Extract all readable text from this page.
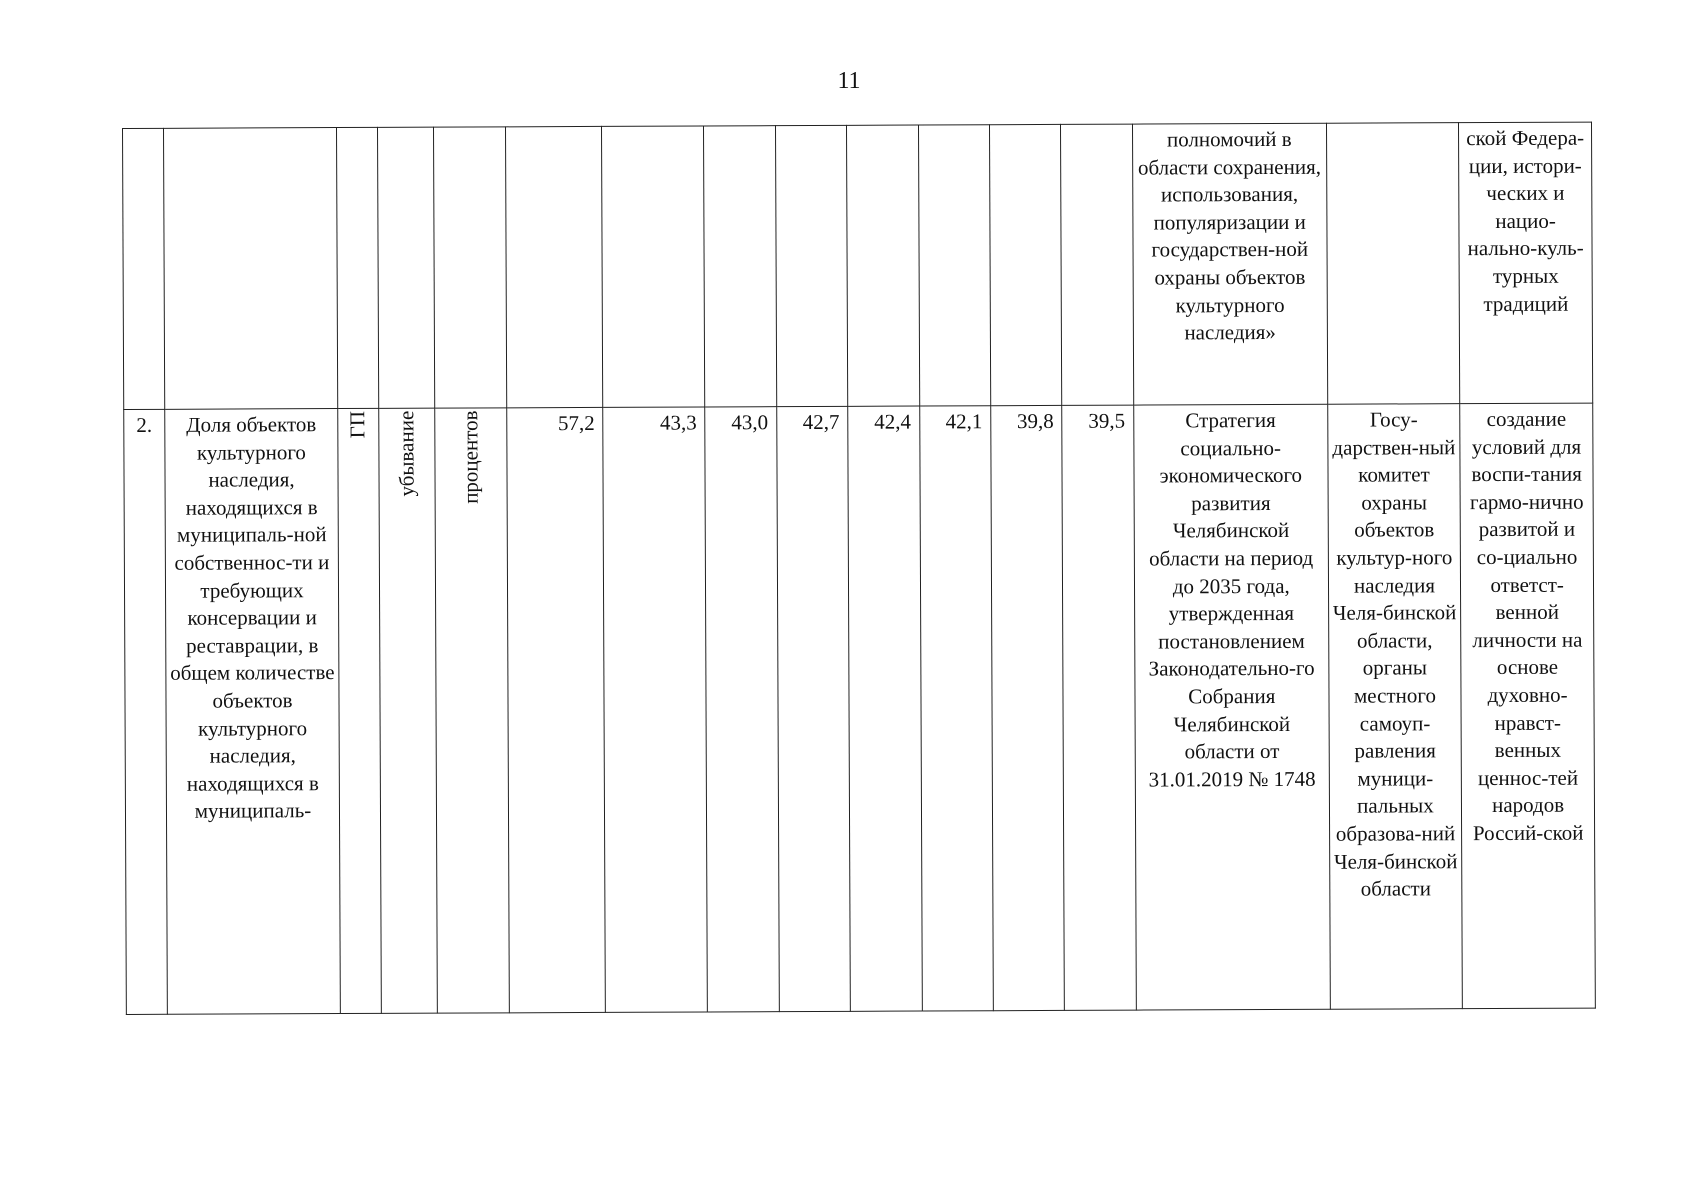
11
													полномочий в области сохранения, использования, популяризации и государствен-ной охраны объектов культурного наследия»		ской Федера-ции, истори-ческих и нацио-нально-куль-турных традиций
2.	Доля объектов культурного наследия, находящихся в муниципаль-ной собственнос-ти и требующих консервации и реставрации, в общем количестве объектов культурного наследия, находящихся в муниципаль-	ГП	убывание	процентов	57,2	43,3	43,0	42,7	42,4	42,1	39,8	39,5	Стратегия социально-экономического развития Челябинской области на период до 2035 года, утвержденная постановлением Законодательно-го Собрания Челябинской области от 31.01.2019 № 1748	Госу-дарствен-ный комитет охраны объектов культур-ного наследия Челя-бинской области, органы местного самоуп-равления муници-пальных образова-ний Челя-бинской области	создание условий для воспи-тания гармо-нично развитой и со-циально ответст-венной личности на основе духовно-нравст-венных ценнос-тей народов Россий-ской
